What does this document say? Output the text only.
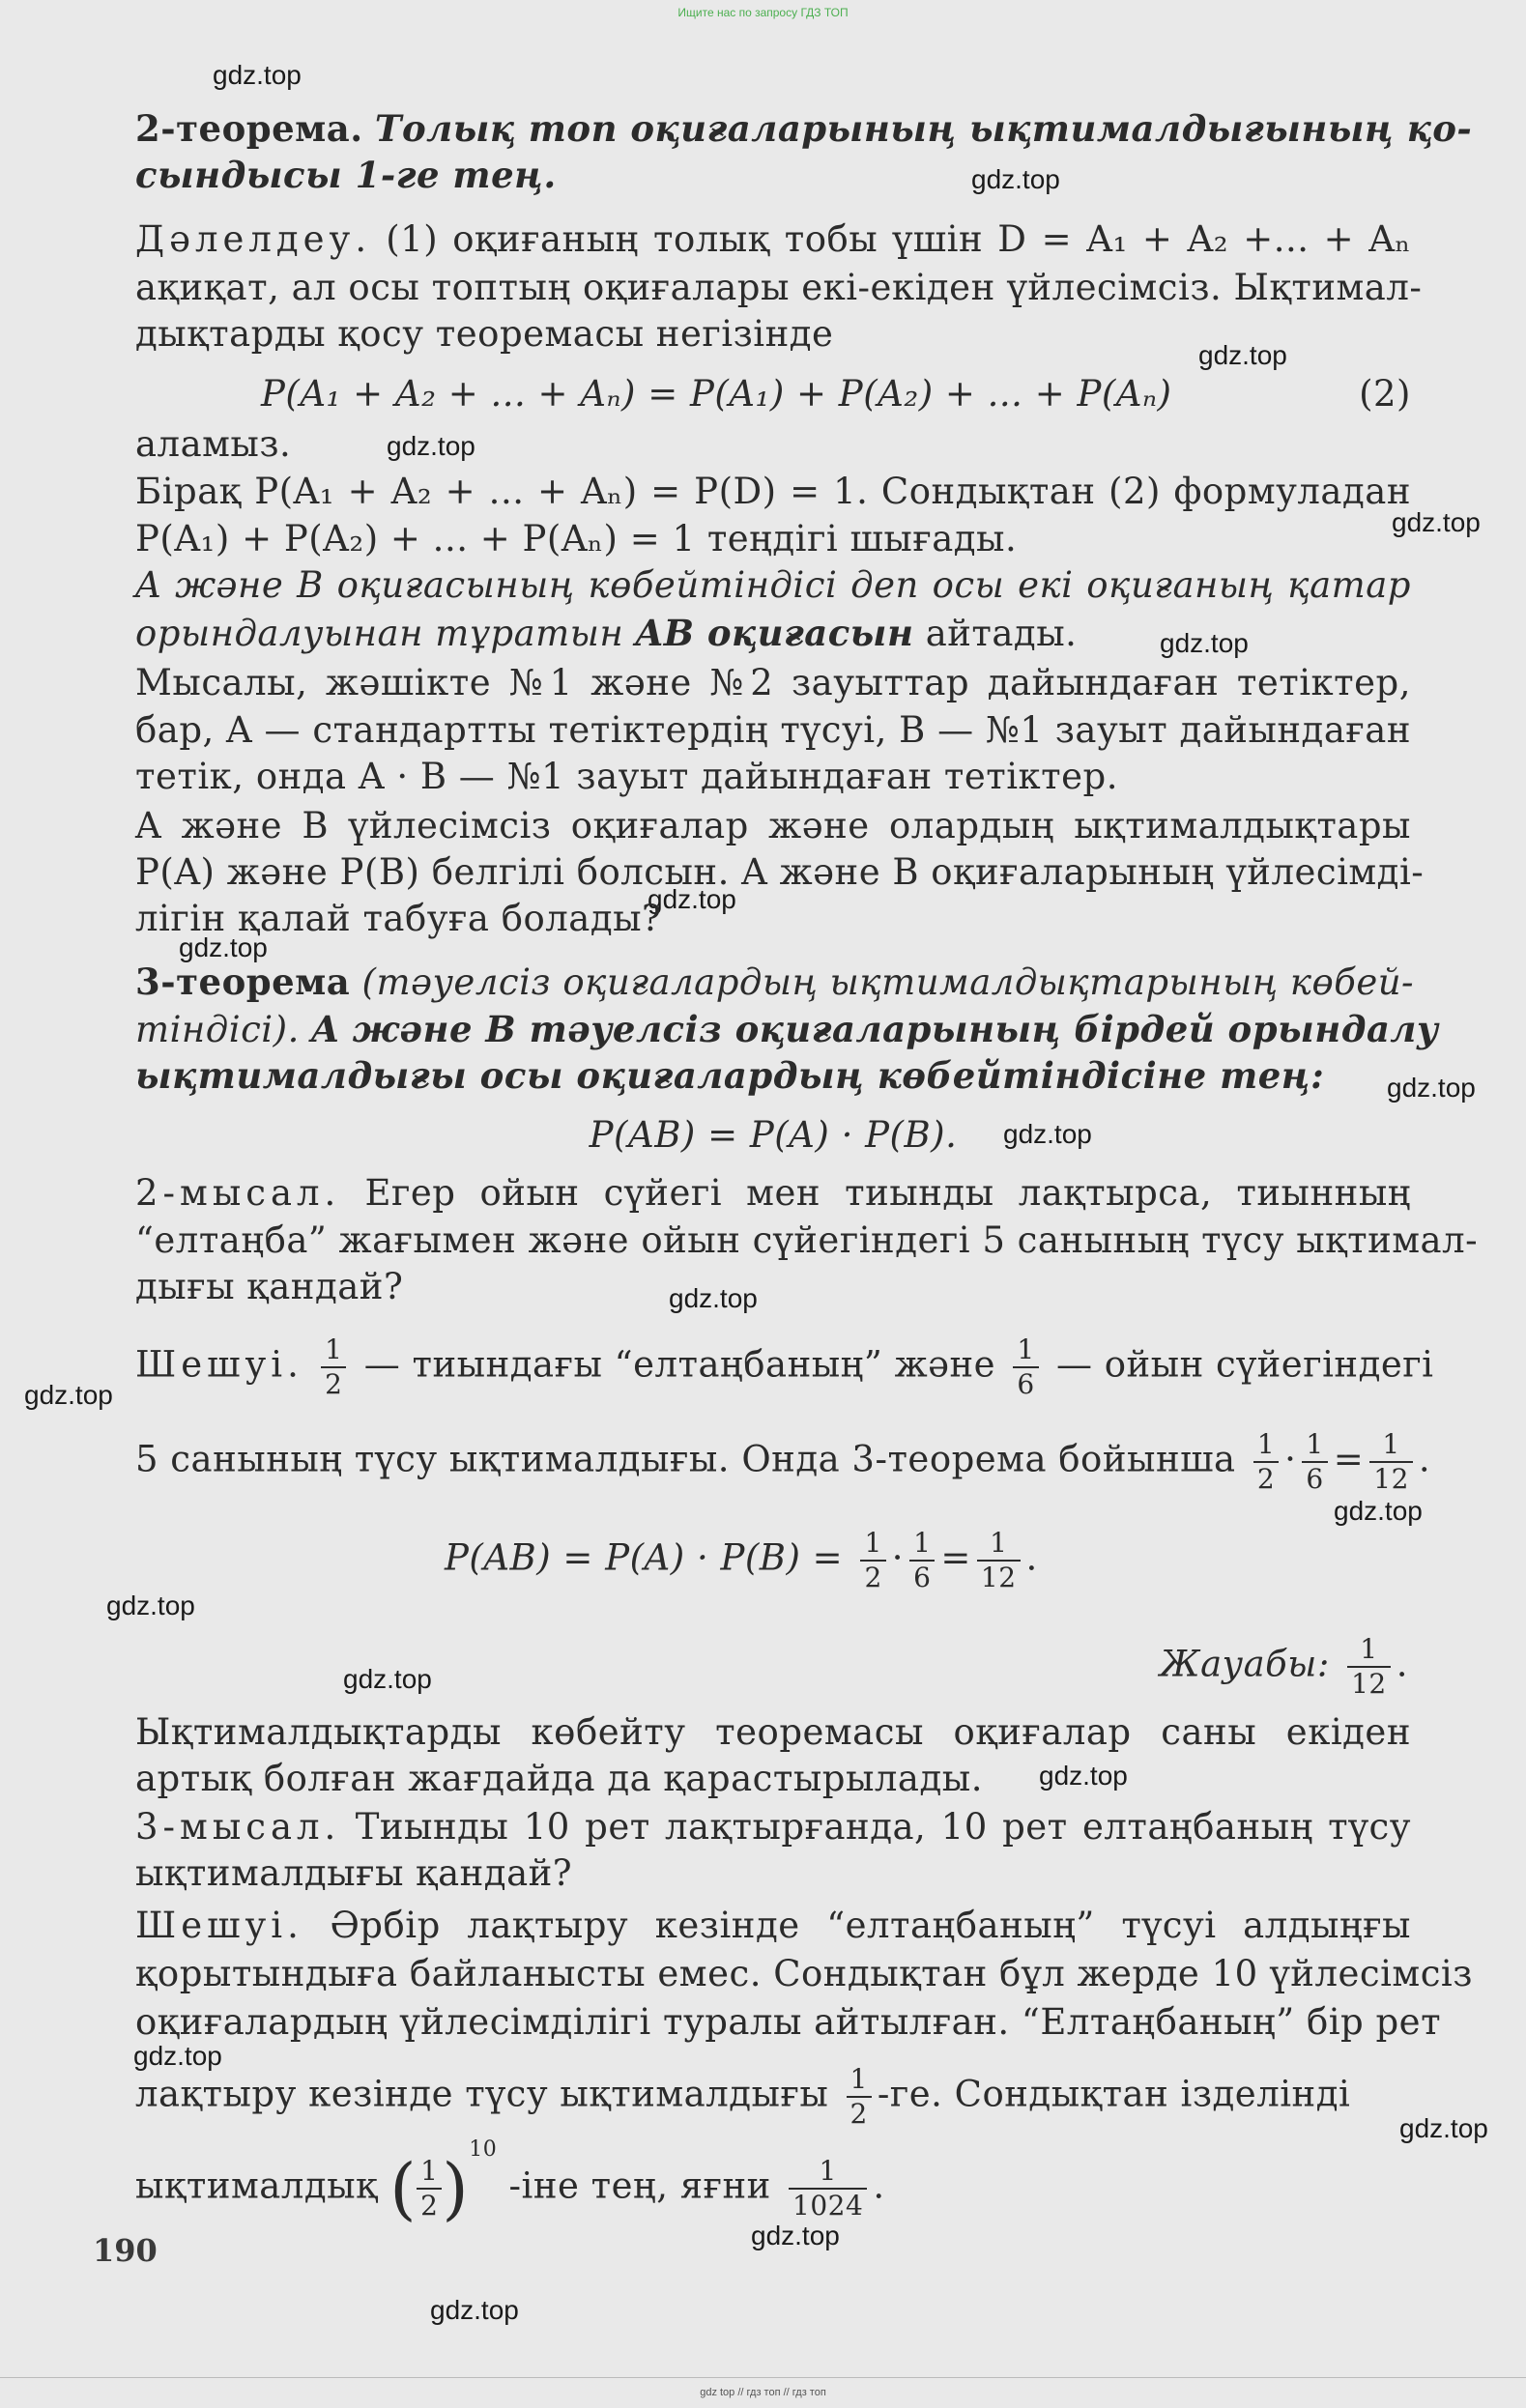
Ищите нас по запросу ГДЗ ТОП
gdz.top
gdz.top
gdz.top
gdz.top
gdz.top
gdz.top
gdz.top
gdz.top
gdz.top
gdz.top
gdz.top
gdz.top
gdz.top
gdz.top
gdz.top
gdz.top
gdz.top
gdz.top
gdz.top
gdz.top
2-теорема. Толық топ оқиғаларының ықтималдығының қо-
сындысы 1-ге тең.
Дәлелдеу. (1) оқиғаның толық тобы үшін D = A₁ + A₂ +... + Aₙ
ақиқат, ал осы топтың оқиғалары екі-екіден үйлесімсіз. Ықтимал-
дықтарды қосу теоремасы негізінде
P(A₁ + A₂ + ... + Aₙ) = P(A₁) + P(A₂) + ... + P(Aₙ)	(2)
аламыз.
Бірақ P(A₁ + A₂ + ... + Aₙ) = P(D) = 1. Сондықтан (2) формуладан
P(A₁) + P(A₂) + ... + P(Aₙ) = 1 теңдігі шығады.
A және B оқиғасының көбейтіндісі деп осы екі оқиғаның қатар
орындалуынан тұратын AB оқиғасын айтады.
Мысалы, жәшікте №1 және №2 зауыттар дайындаған тетіктер,
бар, A — стандартты тетіктердің түсуі, B — №1 зауыт дайындаған
тетік, онда A · B — №1 зауыт дайындаған тетіктер.
A және B үйлесімсіз оқиғалар және олардың ықтималдықтары
P(A) және P(B) белгілі болсын. A және B оқиғаларының үйлесімді-
лігін қалай табуға болады?
3-теорема (тәуелсіз оқиғалардың ықтималдықтарының көбей-
тіндісі). A және B тәуелсіз оқиғаларының бірдей орындалу
ықтималдығы осы оқиғалардың көбейтіндісіне тең:
P(AB) = P(A) · P(B).
2-мысал. Егер ойын сүйегі мен тиынды лақтырса, тиынның
“елтаңба” жағымен және ойын сүйегіндегі 5 санының түсу ықтимал-
дығы қандай?
Шешуі. $\frac{1}{2}$ — тиындағы “елтаңбаның” және $\frac{1}{6}$ — ойын сүйегіндегі
5 санының түсу ықтималдығы. Онда 3-теорема бойынша $\frac{1}{2} \cdot \frac{1}{6} = \frac{1}{12}$ .
$P(AB) = P(A) \cdot P(B) = \frac{1}{2} \cdot \frac{1}{6} = \frac{1}{12}$ .
Жауабы: $\frac{1}{12}$ .
Ықтималдықтарды көбейту теоремасы оқиғалар саны екіден
артық болған жағдайда да қарастырылады.
3-мысал. Тиынды 10 рет лақтырғанда, 10 рет елтаңбаның түсу
ықтималдығы қандай?
Шешуі. Әрбір лақтыру кезінде “елтаңбаның” түсуі алдыңғы
қорытындыға байланысты емес. Сондықтан бұл жерде 10 үйлесімсіз
оқиғалардың үйлесімділігі туралы айтылған. “Елтаңбаның” бір рет
лақтыру кезінде түсу ықтималдығы $\frac{1}{2} -ге$. Сондықтан ізделінді
ықтималдық ( $\frac{1}{2} )^{10}$ -іне тең, яғни $\frac{1}{1024}$ .
190
gdz top // гдз топ // гдз топ
